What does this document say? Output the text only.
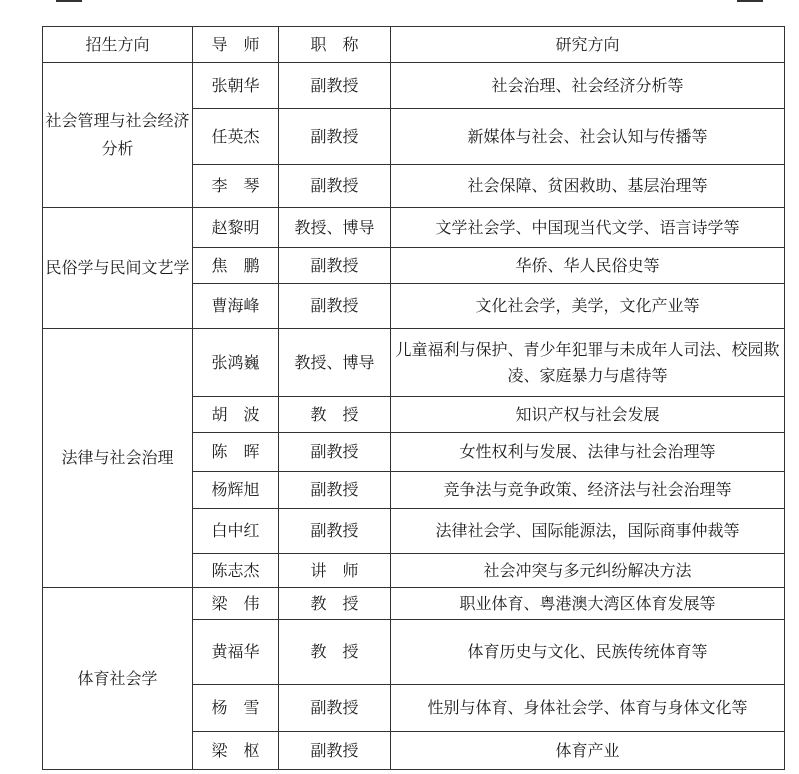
招生方向	导　师	职　称	研究方向
社会管理与社会经济分析	张朝华	副教授	社会治理、社会经济分析等
	任英杰	副教授	新媒体与社会、社会认知与传播等
	李　琴	副教授	社会保障、贫困救助、基层治理等
民俗学与民间文艺学	赵黎明	教授、博导	文学社会学、中国现当代文学、语言诗学等
	焦　鹏	副教授	华侨、华人民俗史等
	曹海峰	副教授	文化社会学，美学，文化产业等
法律与社会治理	张鸿巍	教授、博导	儿童福利与保护、青少年犯罪与未成年人司法、校园欺凌、家庭暴力与虐待等
	胡　波	教　授	知识产权与社会发展
	陈　晖	副教授	女性权利与发展、法律与社会治理等
	杨辉旭	副教授	竞争法与竞争政策、经济法与社会治理等
	白中红	副教授	法律社会学、国际能源法，国际商事仲裁等
	陈志杰	讲　师	社会冲突与多元纠纷解决方法
体育社会学	梁　伟	教　授	职业体育、粤港澳大湾区体育发展等
	黄福华	教　授	体育历史与文化、民族传统体育等
	杨　雪	副教授	性别与体育、身体社会学、体育与身体文化等
	梁　枢	副教授	体育产业
